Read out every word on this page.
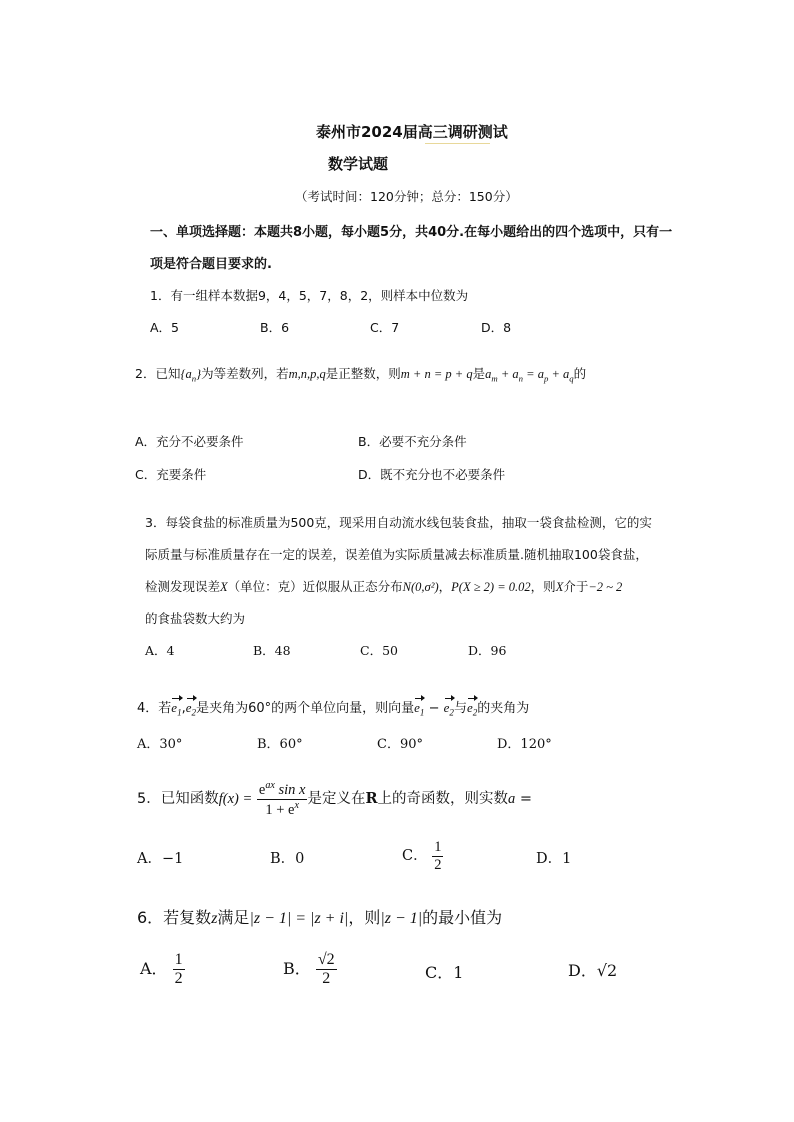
泰州市2024届高三调研测试
数学试题
（考试时间：120分钟；总分：150分）
一、单项选择题：本题共8小题，每小题5分，共40分.在每小题给出的四个选项中，只有一
项是符合题目要求的.
1．有一组样本数据9，4，5，7，8，2，则样本中位数为
A．5	B．6	C．7	D．8
2．已知$\{a_n\}$为等差数列，若m,n,p,q是正整数，则m + n = p + q是$a_m + a_n = a_p + a_q$的
A．充分不必要条件	B．必要不充分条件
C．充要条件	D．既不充分也不必要条件
3．每袋食盐的标准质量为500克，现采用自动流水线包装食盐，抽取一袋食盐检测，它的实
际质量与标准质量存在一定的误差，误差值为实际质量减去标准质量.随机抽取100袋食盐，
检测发现误差X（单位：克）近似服从正态分布N(0,σ²)，P(X ≥ 2) = 0.02，则X介于−2 ~ 2
的食盐袋数大约为
A．4	B．48	C．50	D．96
4．若$e_1,e_2$是夹角为60°的两个单位向量，则向量$e_1 - e_2$与$e_2$的夹角为
A．30°	B．60°	C．90°	D．120°
5．已知函数$f(x) = \frac{e^{ax} \sin x}{1 + e^x}$ 是定义在R上的奇函数，则实数a =
A．−1	B．0	C． $\frac{1}{2}$	D．1
6．若复数z满足|z − 1| = |z + i|，则|z − 1|的最小值为
A． $\frac{1}{2}$	B． $\frac{√2}{2}$	C．1	D．√2
